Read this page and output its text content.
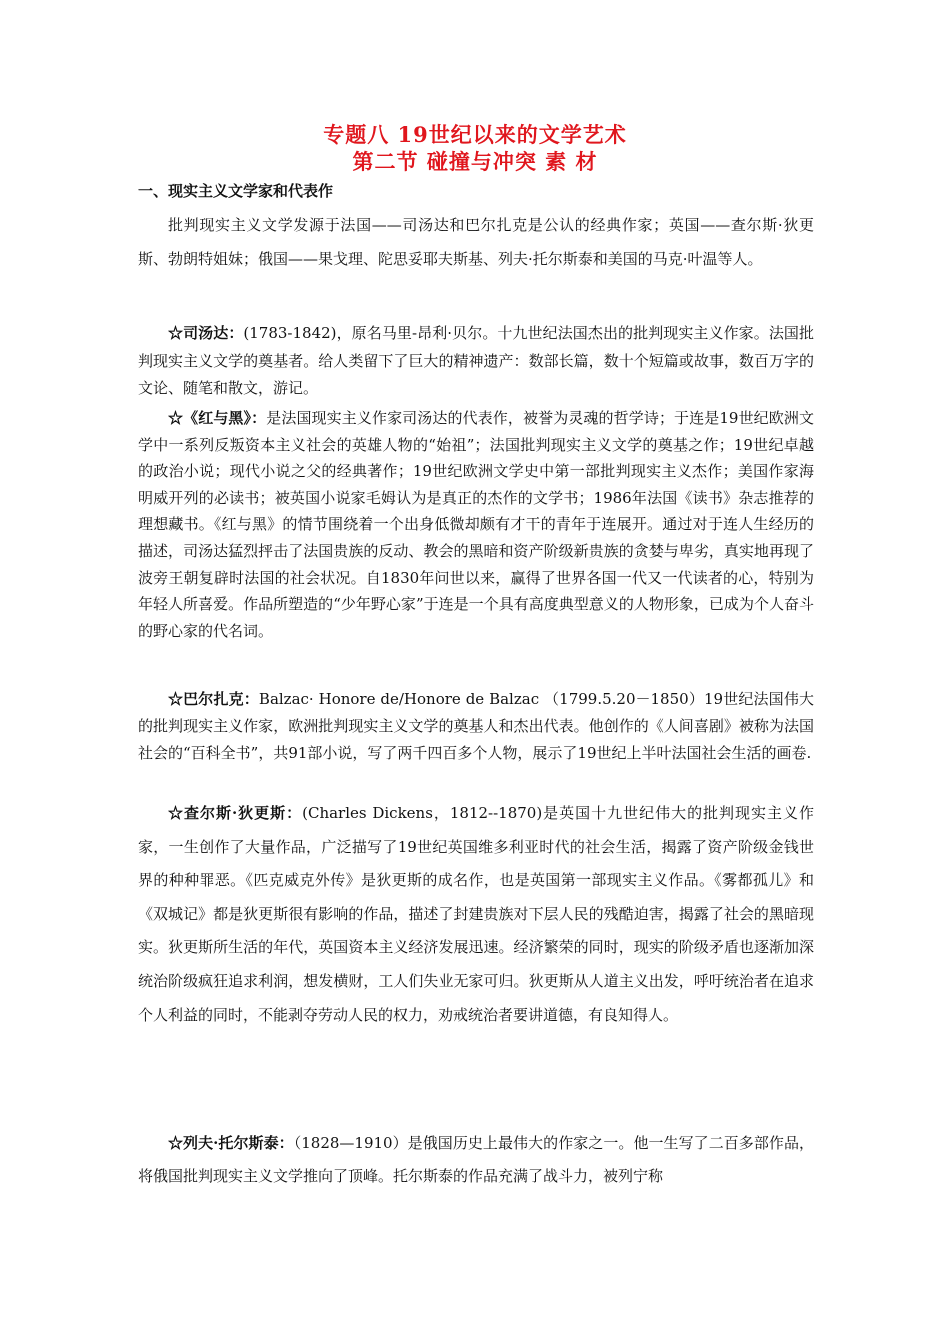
专题八 19世纪以来的文学艺术
第二节 碰撞与冲突 素 材
一、现实主义文学家和代表作

批判现实主义文学发源于法国——司汤达和巴尔扎克是公认的经典作家；英国——查尔斯·狄更斯、勃朗特姐妹；俄国——果戈理、陀思妥耶夫斯基、列夫·托尔斯泰和美国的马克·叶温等人。

☆司汤达：(1783-1842)，原名马里-昂利·贝尔。十九世纪法国杰出的批判现实主义作家。法国批判现实主义文学的奠基者。给人类留下了巨大的精神遗产：数部长篇，数十个短篇或故事，数百万字的文论、随笔和散文，游记。

☆《红与黑》：是法国现实主义作家司汤达的代表作，被誉为灵魂的哲学诗；于连是19世纪欧洲文学中一系列反叛资本主义社会的英雄人物的“始祖”；法国批判现实主义文学的奠基之作；19世纪卓越的政治小说；现代小说之父的经典著作；19世纪欧洲文学史中第一部批判现实主义杰作；美国作家海明威开列的必读书；被英国小说家毛姆认为是真正的杰作的文学书；1986年法国《读书》杂志推荐的理想藏书。《红与黑》的情节围绕着一个出身低微却颇有才干的青年于连展开。通过对于连人生经历的描述，司汤达猛烈抨击了法国贵族的反动、教会的黑暗和资产阶级新贵族的贪婪与卑劣，真实地再现了波旁王朝复辟时法国的社会状况。自1830年问世以来，赢得了世界各国一代又一代读者的心，特别为年轻人所喜爱。作品所塑造的“少年野心家”于连是一个具有高度典型意义的人物形象，已成为个人奋斗的野心家的代名词。

☆巴尔扎克：Balzac· Honore de/Honore de Balzac （1799.5.20－1850）19世纪法国伟大的批判现实主义作家，欧洲批判现实主义文学的奠基人和杰出代表。他创作的《人间喜剧》被称为法国社会的“百科全书”，共91部小说，写了两千四百多个人物，展示了19世纪上半叶法国社会生活的画卷.

☆查尔斯·狄更斯：(Charles Dickens，1812--1870)是英国十九世纪伟大的批判现实主义作家，一生创作了大量作品，广泛描写了19世纪英国维多利亚时代的社会生活，揭露了资产阶级金钱世界的种种罪恶。《匹克威克外传》是狄更斯的成名作，也是英国第一部现实主义作品。《雾都孤儿》和《双城记》都是狄更斯很有影响的作品，描述了封建贵族对下层人民的残酷迫害，揭露了社会的黑暗现实。狄更斯所生活的年代，英国资本主义经济发展迅速。经济繁荣的同时，现实的阶级矛盾也逐渐加深统治阶级疯狂追求利润，想发横财，工人们失业无家可归。狄更斯从人道主义出发，呼吁统治者在追求个人利益的同时，不能剥夺劳动人民的权力，劝戒统治者要讲道德，有良知得人。

☆列夫·托尔斯泰：（1828—1910）是俄国历史上最伟大的作家之一。他一生写了二百多部作品，将俄国批判现实主义文学推向了顶峰。托尔斯泰的作品充满了战斗力，被列宁称
